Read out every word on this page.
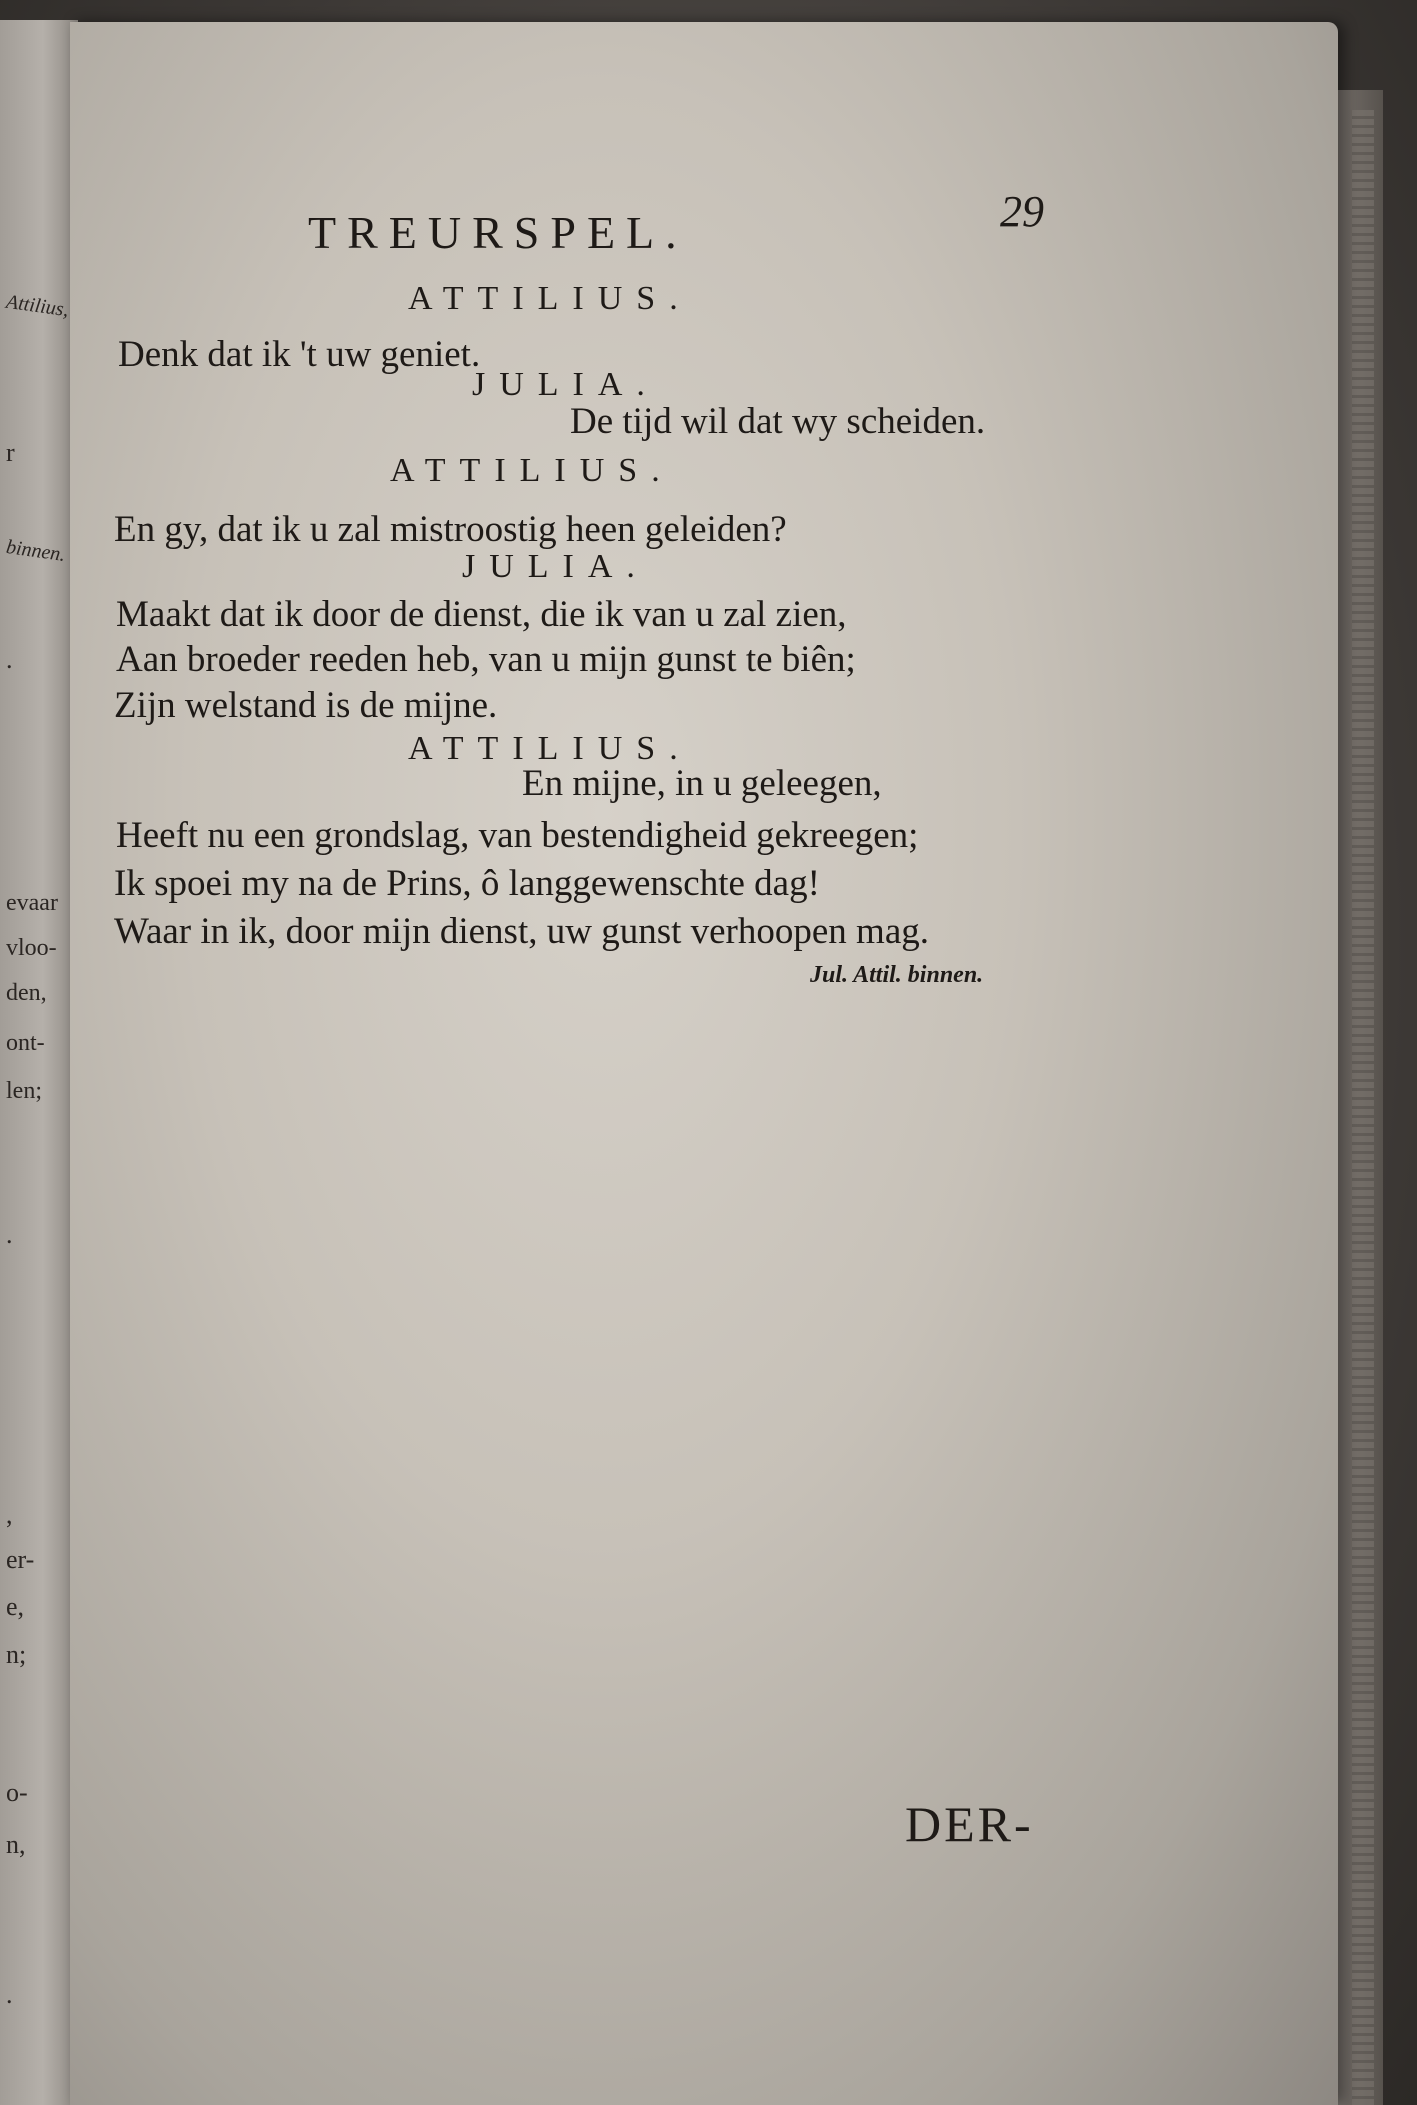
Attilius,
r
binnen.
.
evaar
vloo-
den,
ont-
len;
.
,
er-
e,
n;
o-
n,
.
TREURSPEL.	29
ATTILIUS.
Denk dat ik 't uw geniet.
JULIA.
De tijd wil dat wy scheiden.
ATTILIUS.
En gy, dat ik u zal mistroostig heen geleiden?
JULIA.
Maakt dat ik door de dienst, die ik van u zal zien,
Aan broeder reeden heb, van u mijn gunst te biên;
Zijn welstand is de mijne.
ATTILIUS.
En mijne, in u geleegen,
Heeft nu een grondslag, van bestendigheid gekreegen;
Ik spoei my na de Prins, ô langgewenschte dag!
Waar in ik, door mijn dienst, uw gunst verhoopen mag.
Jul. Attil. binnen.
DER-
